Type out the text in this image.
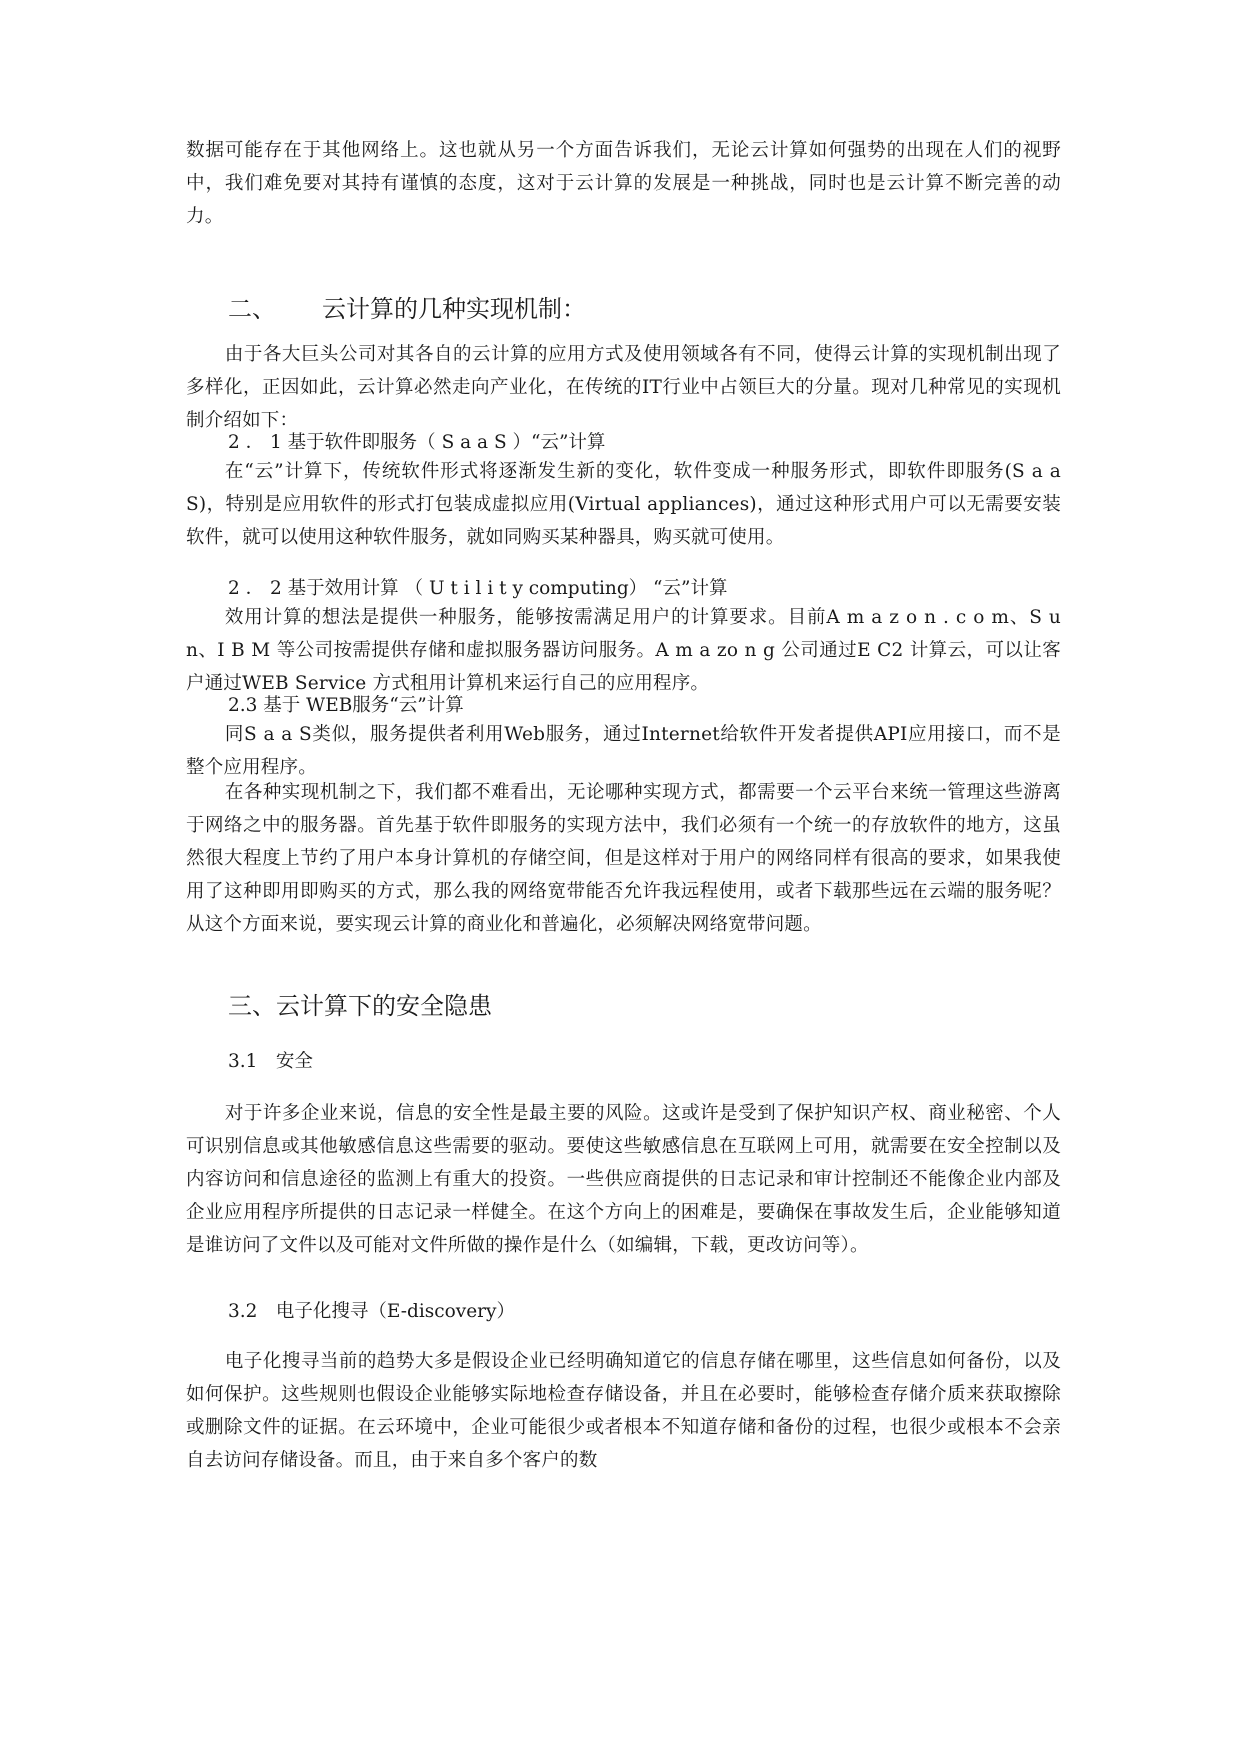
数据可能存在于其他网络上。这也就从另一个方面告诉我们，无论云计算如何强势的出现在人们的视野中，我们难免要对其持有谨慎的态度，这对于云计算的发展是一种挑战，同时也是云计算不断完善的动力。

二、 云计算的几种实现机制：

由于各大巨头公司对其各自的云计算的应用方式及使用领域各有不同，使得云计算的实现机制出现了多样化，正因如此，云计算必然走向产业化，在传统的IT行业中占领巨大的分量。现对几种常见的实现机制介绍如下：

2 ． 1 基于软件即服务（ S a a S ）“云”计算

在“云”计算下，传统软件形式将逐渐发生新的变化，软件变成一种服务形式，即软件即服务(S a a S)，特别是应用软件的形式打包装成虚拟应用(Virtual appliances)，通过这种形式用户可以无需要安装软件，就可以使用这种软件服务，就如同购买某种器具，购买就可使用。

2 ． 2 基于效用计算 （ U t i l i t y computing） “云”计算

效用计算的想法是提供一种服务，能够按需满足用户的计算要求。目前A m a z o n . c o m、S u n、I B M 等公司按需提供存储和虚拟服务器访问服务。A m a zo n g 公司通过E C2 计算云，可以让客户通过WEB Service 方式租用计算机来运行自己的应用程序。

2.3 基于 WEB服务“云”计算

同S a a S类似，服务提供者利用Web服务，通过Internet给软件开发者提供API应用接口，而不是整个应用程序。

在各种实现机制之下，我们都不难看出，无论哪种实现方式，都需要一个云平台来统一管理这些游离于网络之中的服务器。首先基于软件即服务的实现方法中，我们必须有一个统一的存放软件的地方，这虽然很大程度上节约了用户本身计算机的存储空间，但是这样对于用户的网络同样有很高的要求，如果我使用了这种即用即购买的方式，那么我的网络宽带能否允许我远程使用，或者下载那些远在云端的服务呢？从这个方面来说，要实现云计算的商业化和普遍化，必须解决网络宽带问题。

三、云计算下的安全隐患

3.1　安全

对于许多企业来说，信息的安全性是最主要的风险。这或许是受到了保护知识产权、商业秘密、个人可识别信息或其他敏感信息这些需要的驱动。要使这些敏感信息在互联网上可用，就需要在安全控制以及内容访问和信息途径的监测上有重大的投资。一些供应商提供的日志记录和审计控制还不能像企业内部及企业应用程序所提供的日志记录一样健全。在这个方向上的困难是，要确保在事故发生后，企业能够知道是谁访问了文件以及可能对文件所做的操作是什么（如编辑，下载，更改访问等）。

3.2　电子化搜寻（E-discovery）

电子化搜寻当前的趋势大多是假设企业已经明确知道它的信息存储在哪里，这些信息如何备份，以及如何保护。这些规则也假设企业能够实际地检查存储设备，并且在必要时，能够检查存储介质来获取擦除或删除文件的证据。在云环境中，企业可能很少或者根本不知道存储和备份的过程，也很少或根本不会亲自去访问存储设备。而且，由于来自多个客户的数
